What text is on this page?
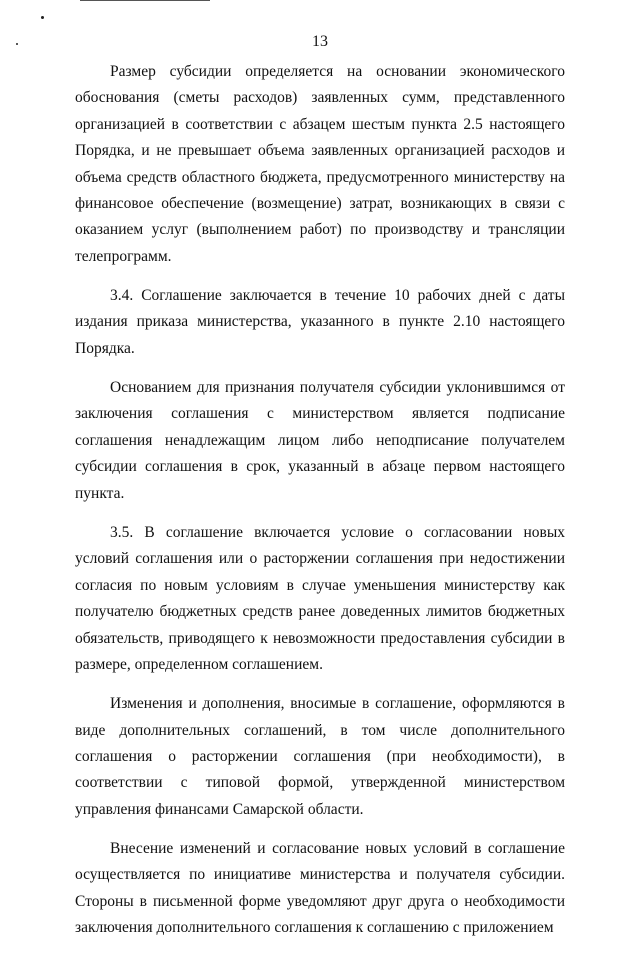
13

Размер субсидии определяется на основании экономического обоснования (сметы расходов) заявленных сумм, представленного организацией в соответствии с абзацем шестым пункта 2.5 настоящего Порядка, и не превышает объема заявленных организацией расходов и объема средств областного бюджета, предусмотренного министерству на финансовое обеспечение (возмещение) затрат, возникающих в связи с оказанием услуг (выполнением работ) по производству и трансляции телепрограмм.

3.4. Соглашение заключается в течение 10 рабочих дней с даты издания приказа министерства, указанного в пункте 2.10 настоящего Порядка.

Основанием для признания получателя субсидии уклонившимся от заключения соглашения с министерством является подписание соглашения ненадлежащим лицом либо неподписание получателем субсидии соглашения в срок, указанный в абзаце первом настоящего пункта.

3.5. В соглашение включается условие о согласовании новых условий соглашения или о расторжении соглашения при недостижении согласия по новым условиям в случае уменьшения министерству как получателю бюджетных средств ранее доведенных лимитов бюджетных обязательств, приводящего к невозможности предоставления субсидии в размере, определенном соглашением.

Изменения и дополнения, вносимые в соглашение, оформляются в виде дополнительных соглашений, в том числе дополнительного соглашения о расторжении соглашения (при необходимости), в соответствии с типовой формой, утвержденной министерством управления финансами Самарской области.

Внесение изменений и согласование новых условий в соглашение осуществляется по инициативе министерства и получателя субсидии. Стороны в письменной форме уведомляют друг друга о необходимости заключения дополнительного соглашения к соглашению с приложением
